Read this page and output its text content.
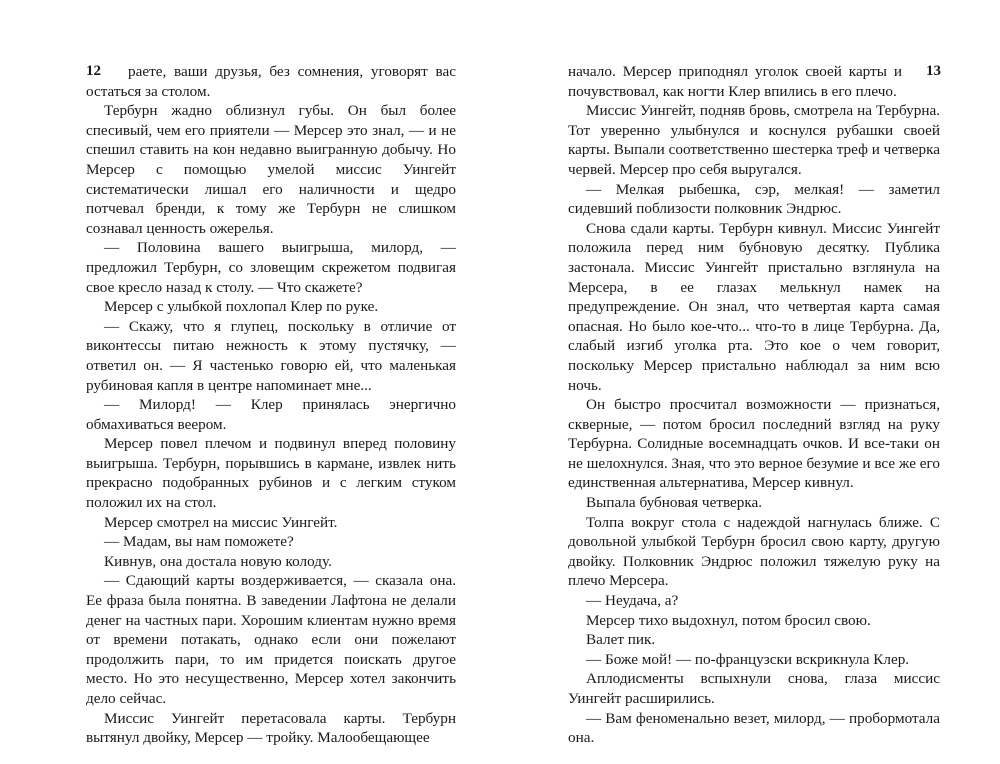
12	13

раете, ваши друзья, без сомнения, уговорят вас остаться за столом.

Тербурн жадно облизнул губы. Он был более спесивый, чем его приятели — Мерсер это знал, — и не спешил ставить на кон недавно выигранную добычу. Но Мерсер с помощью умелой миссис Уингейт систематически лишал его наличности и щедро потчевал бренди, к тому же Тербурн не слишком сознавал ценность ожерелья.

— Половина вашего выигрыша, милорд, — предложил Тербурн, со зловещим скрежетом подвигая свое кресло назад к столу. — Что скажете?

Мерсер с улыбкой похлопал Клер по руке.

— Скажу, что я глупец, поскольку в отличие от виконтессы питаю нежность к этому пустячку, — ответил он. — Я частенько говорю ей, что маленькая рубиновая капля в центре напоминает мне...

— Милорд! — Клер принялась энергично обмахиваться веером.

Мерсер повел плечом и подвинул вперед половину выигрыша. Тербурн, порывшись в кармане, извлек нить прекрасно подобранных рубинов и с легким стуком положил их на стол.

Мерсер смотрел на миссис Уингейт.

— Мадам, вы нам поможете?

Кивнув, она достала новую колоду.

— Сдающий карты воздерживается, — сказала она. Ее фраза была понятна. В заведении Лафтона не делали денег на частных пари. Хорошим клиентам нужно время от времени потакать, однако если они пожелают продолжить пари, то им придется поискать другое место. Но это несущественно, Мерсер хотел закончить дело сейчас.

Миссис Уингейт перетасовала карты. Тербурн вытянул двойку, Мерсер — тройку. Малообещающее

начало. Мерсер приподнял уголок своей карты и почувствовал, как ногти Клер впились в его плечо.

Миссис Уингейт, подняв бровь, смотрела на Тербурна. Тот уверенно улыбнулся и коснулся рубашки своей карты. Выпали соответственно шестерка треф и четверка червей. Мерсер про себя выругался.

— Мелкая рыбешка, сэр, мелкая! — заметил сидевший поблизости полковник Эндрюс.

Снова сдали карты. Тербурн кивнул. Миссис Уингейт положила перед ним бубновую десятку. Публика застонала. Миссис Уингейт пристально взглянула на Мерсера, в ее глазах мелькнул намек на предупреждение. Он знал, что четвертая карта самая опасная. Но было кое-что... что-то в лице Тербурна. Да, слабый изгиб уголка рта. Это кое о чем говорит, поскольку Мерсер пристально наблюдал за ним всю ночь.

Он быстро просчитал возможности — признаться, скверные, — потом бросил последний взгляд на руку Тербурна. Солидные восемнадцать очков. И все-таки он не шелохнулся. Зная, что это верное безумие и все же его единственная альтернатива, Мерсер кивнул.

Выпала бубновая четверка.

Толпа вокруг стола с надеждой нагнулась ближе. С довольной улыбкой Тербурн бросил свою карту, другую двойку. Полковник Эндрюс положил тяжелую руку на плечо Мерсера.

— Неудача, а?

Мерсер тихо выдохнул, потом бросил свою.

Валет пик.

— Боже мой! — по-французски вскрикнула Клер.

Аплодисменты вспыхнули снова, глаза миссис Уингейт расширились.

— Вам феноменально везет, милорд, — пробормотала она.
